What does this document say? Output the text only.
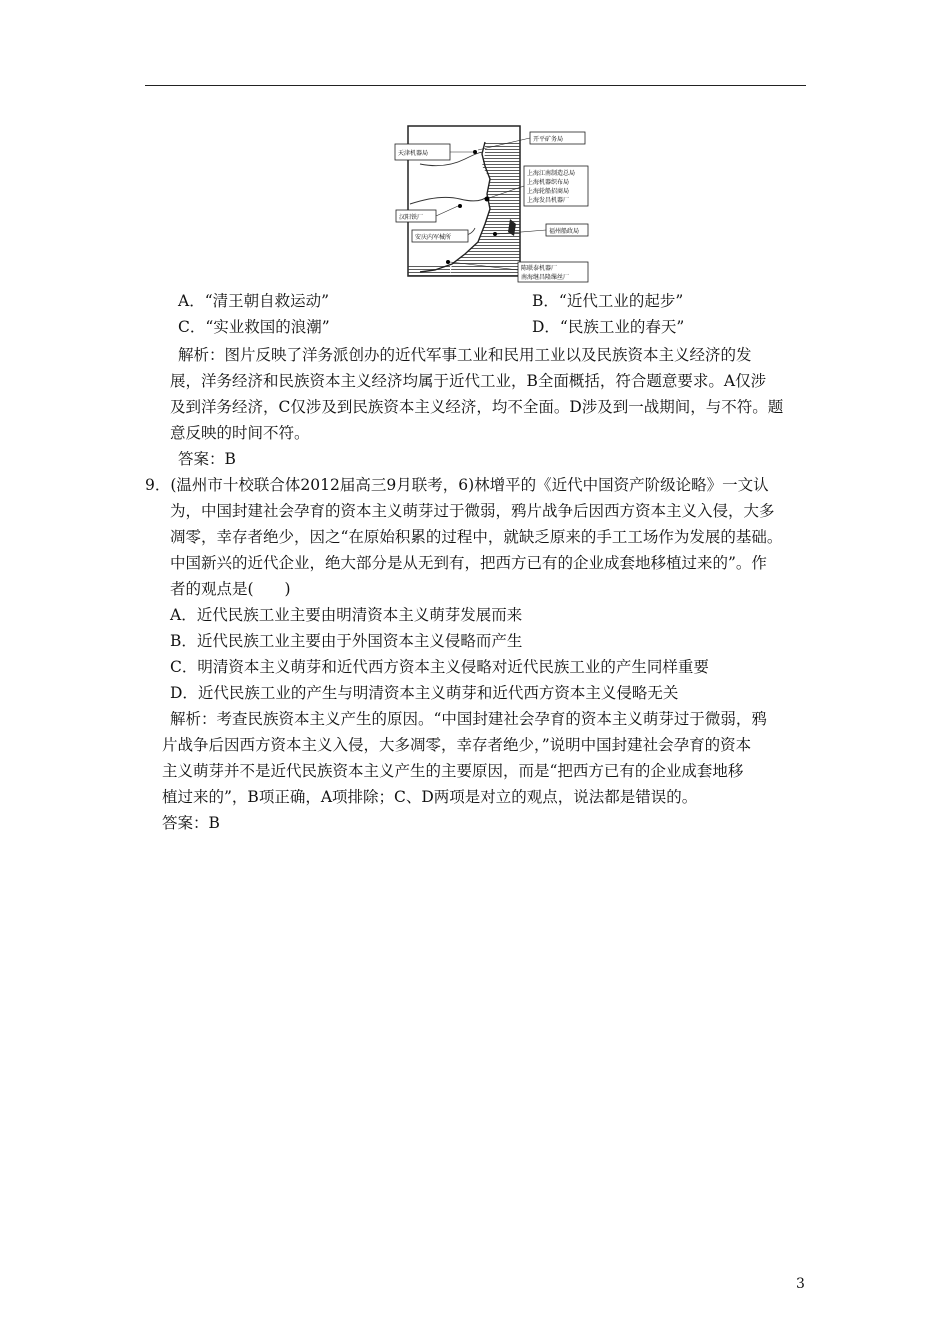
天津机器局
开平矿务局
上海江南制造总局
上海机器织布局
上海轮船招商局
上海发昌机器厂
汉阳铁厂
安庆内军械所
福州船政局
陈联泰机器厂
南海继昌隆缫丝厂
A．“清王朝自救运动”	B．“近代工业的起步”
C．“实业救国的浪潮”	D．“民族工业的春天”
解析：图片反映了洋务派创办的近代军事工业和民用工业以及民族资本主义经济的发
展，洋务经济和民族资本主义经济均属于近代工业，B全面概括，符合题意要求。A仅涉
及到洋务经济，C仅涉及到民族资本主义经济，均不全面。D涉及到一战期间，与不符。题
意反映的时间不符。
答案：B
9．(温州市十校联合体2012届高三9月联考，6)林增平的《近代中国资产阶级论略》一文认
为，中国封建社会孕育的资本主义萌芽过于微弱，鸦片战争后因西方资本主义入侵，大多
凋零，幸存者绝少，因之“在原始积累的过程中，就缺乏原来的手工工场作为发展的基础。
中国新兴的近代企业，绝大部分是从无到有，把西方已有的企业成套地移植过来的”。作
者的观点是(　　)
A．近代民族工业主要由明清资本主义萌芽发展而来
B．近代民族工业主要由于外国资本主义侵略而产生
C．明清资本主义萌芽和近代西方资本主义侵略对近代民族工业的产生同样重要
D．近代民族工业的产生与明清资本主义萌芽和近代西方资本主义侵略无关
解析：考查民族资本主义产生的原因。“中国封建社会孕育的资本主义萌芽过于微弱，鸦
片战争后因西方资本主义入侵，大多凋零，幸存者绝少，”说明中国封建社会孕育的资本
主义萌芽并不是近代民族资本主义产生的主要原因，而是“把西方已有的企业成套地移
植过来的”，B项正确，A项排除；C、D两项是对立的观点，说法都是错误的。
答案：B
3
